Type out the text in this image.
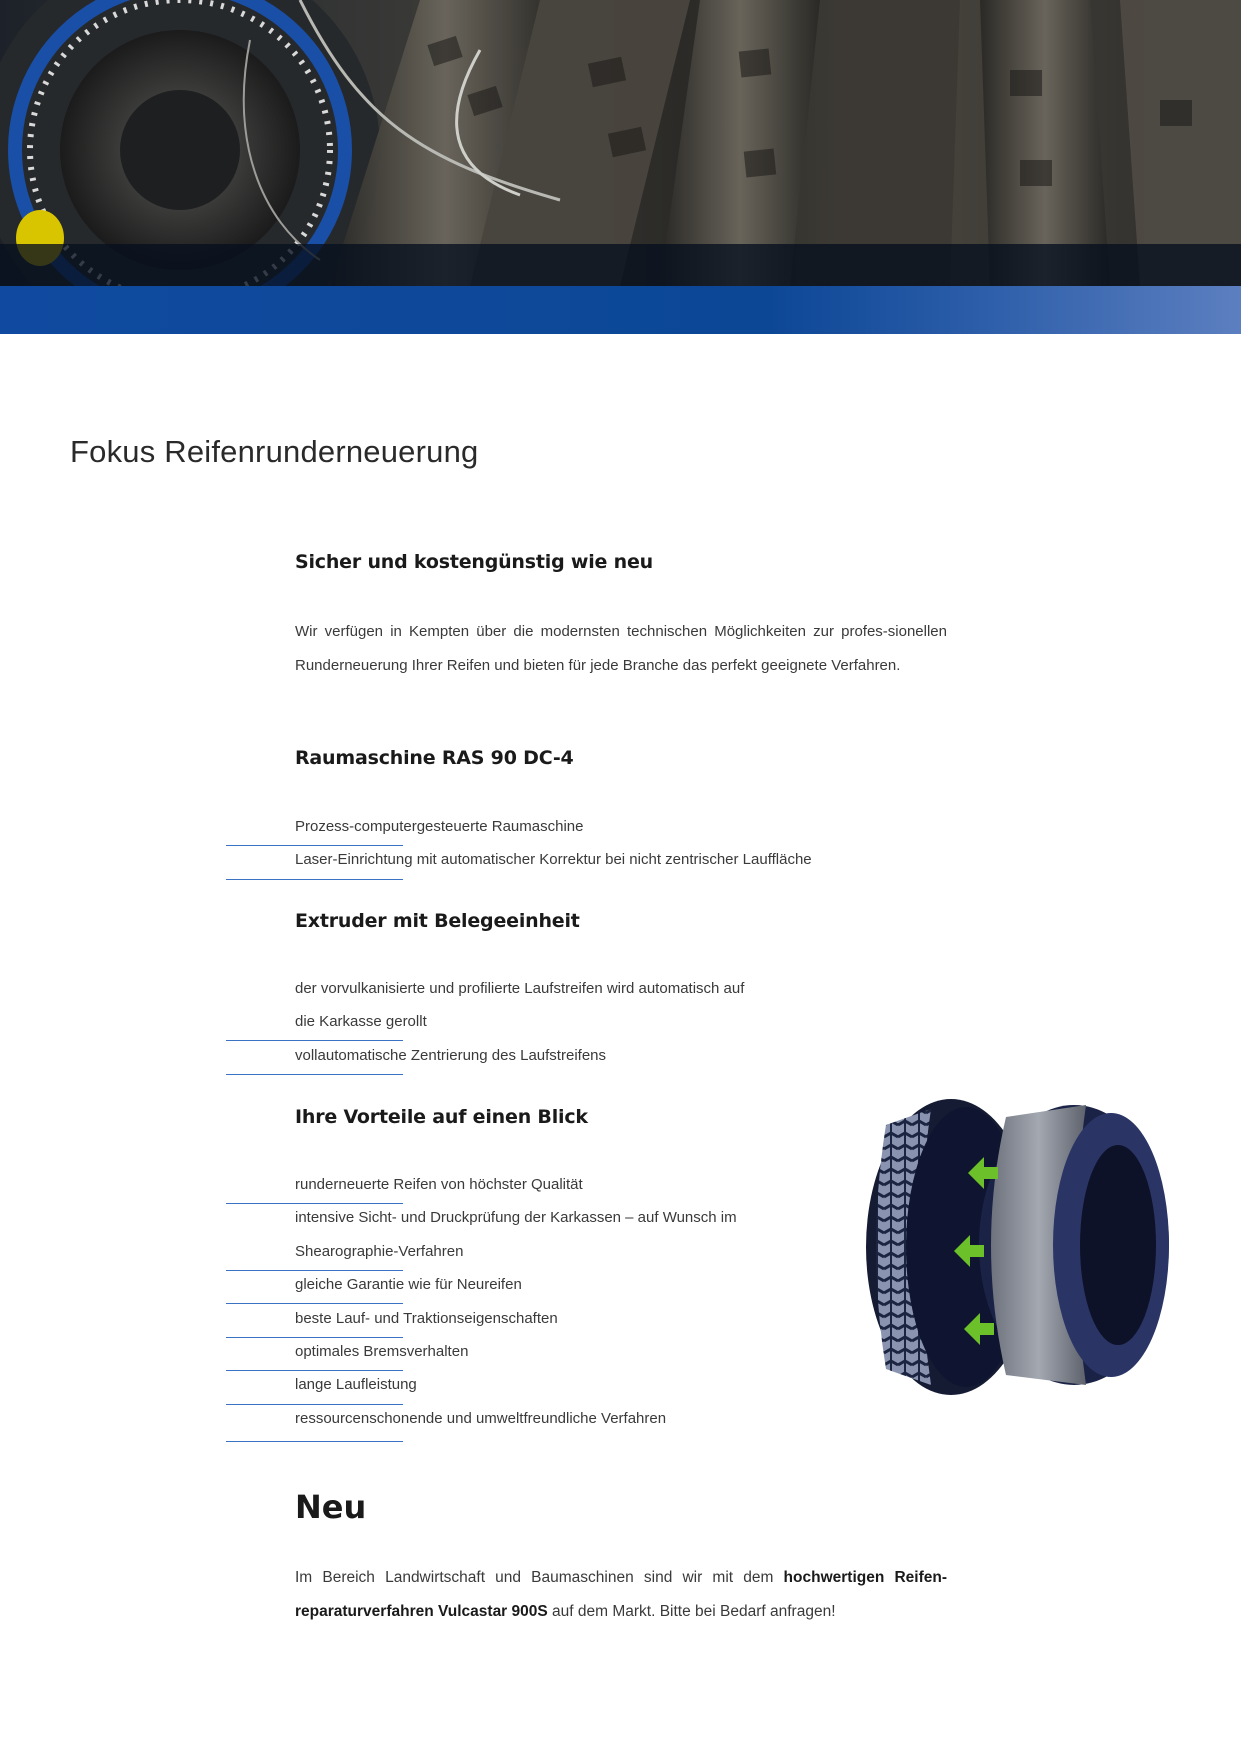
Fokus Reifenrunderneuerung
Sicher und kostengünstig wie neu

Wir verfügen in Kempten über die modernsten technischen Möglichkeiten zur profes-sionellen Runderneuerung Ihrer Reifen und bieten für jede Branche das perfekt geeignete Verfahren.

Raumaschine RAS 90 DC-4
Prozess-computergesteuerte Raumaschine
Laser-Einrichtung mit automatischer Korrektur bei nicht zentrischer Lauffläche
Extruder mit Belegeeinheit
der vorvulkanisierte und profilierte Laufstreifen wird automatisch auf
die Karkasse gerollt
vollautomatische Zentrierung des Laufstreifens
Ihre Vorteile auf einen Blick
runderneuerte Reifen von höchster Qualität
intensive Sicht- und Druckprüfung der Karkassen – auf Wunsch im
Shearographie-Verfahren
gleiche Garantie wie für Neureifen
beste Lauf- und Traktionseigenschaften
optimales Bremsverhalten
lange Laufleistung
ressourcenschonende und umweltfreundliche Verfahren
Neu

Im Bereich Landwirtschaft und Baumaschinen sind wir mit dem hochwertigen Reifen-reparaturverfahren Vulcastar 900S auf dem Markt. Bitte bei Bedarf anfragen!
